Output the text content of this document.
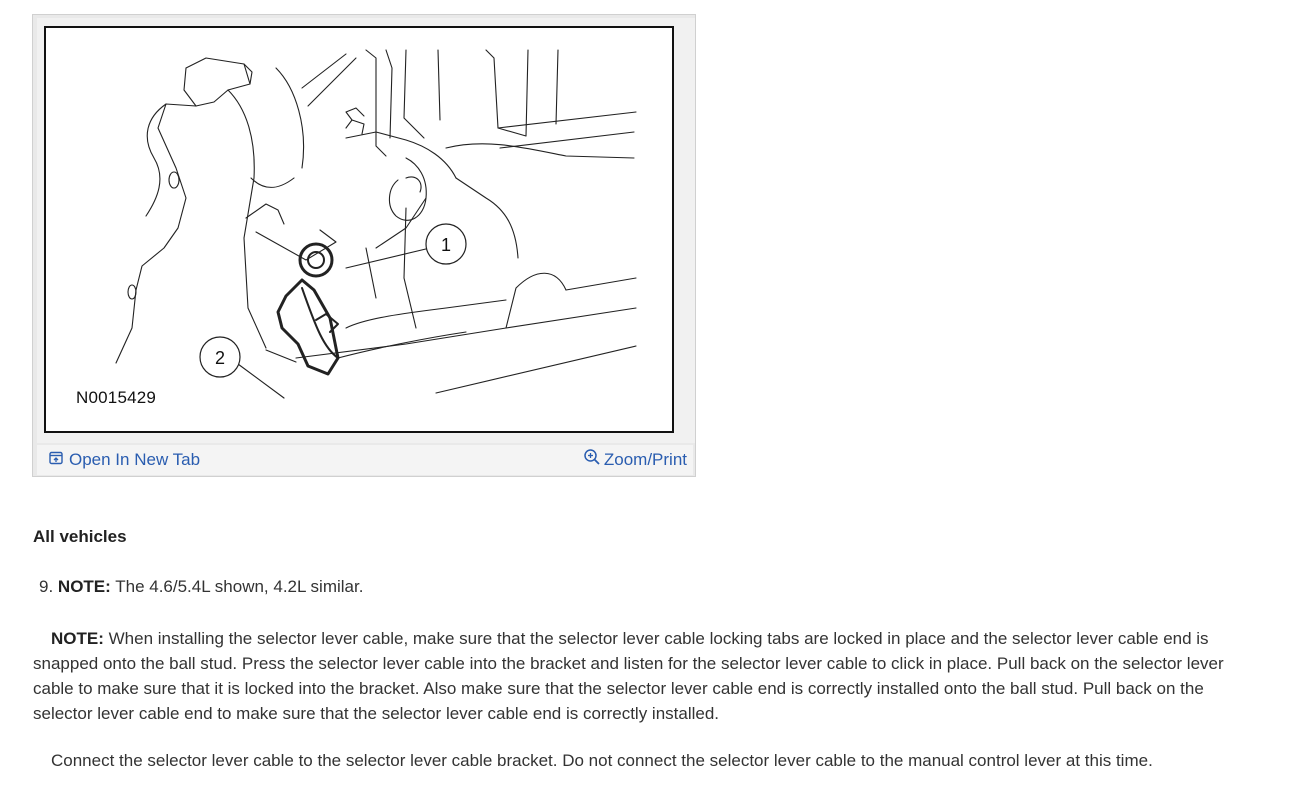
1
2
N0015429
Open In New Tab	Zoom/Print
All vehicles
9. NOTE: The 4.6/5.4L shown, 4.2L similar.
NOTE: When installing the selector lever cable, make sure that the selector lever cable locking tabs are locked in place and the selector lever cable end is snapped onto the ball stud. Press the selector lever cable into the bracket and listen for the selector lever cable to click in place. Pull back on the selector lever cable to make sure that it is locked into the bracket. Also make sure that the selector lever cable end is correctly installed onto the ball stud. Pull back on the selector lever cable end to make sure that the selector lever cable end is correctly installed.
Connect the selector lever cable to the selector lever cable bracket. Do not connect the selector lever cable to the manual control lever at this time.
